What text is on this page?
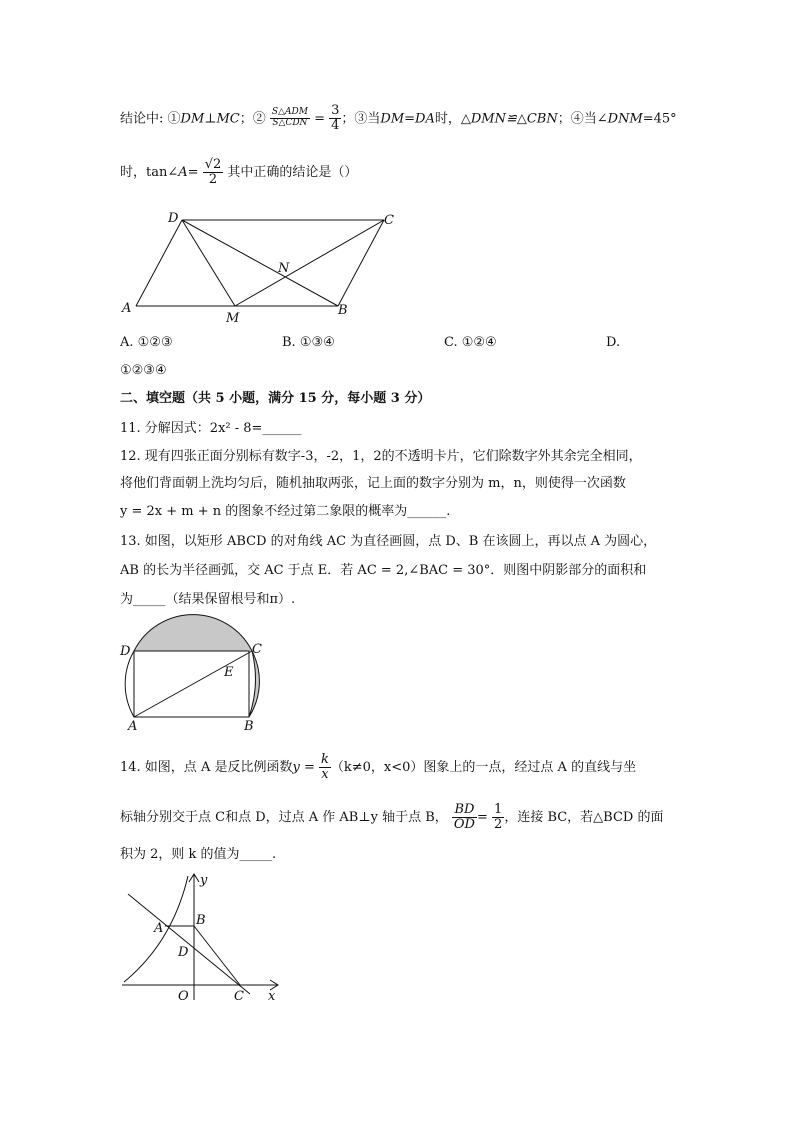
结论中: ①DM⊥MC；② $\frac{\text{S△ADM}}{\text{S△CDN}} = \frac{3}{4}$ ；③当DM=DA时，△DMN≌△CBN；④当∠DNM=45°
时，tan∠A= $\frac{√2}{2}$ 其中正确的结论是（）
D	C
N
A
M
B
A. ①②③	B. ①③④	C. ①②④	D.
①②③④
二、填空题（共 5 小题，满分 15 分，每小题 3 分）
11. 分解因式：2x² - 8=______
12. 现有四张正面分别标有数字-3，-2，1，2的不透明卡片，它们除数字外其余完全相同，
将他们背面朝上洗均匀后，随机抽取两张，记上面的数字分别为 m，n，则使得一次函数
y = 2x + m + n 的图象不经过第二象限的概率为______.
13. 如图，以矩形 ABCD 的对角线 AC 为直径画圆，点 D、B 在该圆上，再以点 A 为圆心，
AB 的长为半径画弧，交 AC 于点 E．若 AC = 2,∠BAC = 30°．则图中阴影部分的面积和
为_____（结果保留根号和π）.
D	C
E
A	B
14. 如图，点 A 是反比例函数$y = \frac{k}{x} (k\ne 0$，x<0）图象上的一点，经过点 A 的直线与坐
标轴分别交于点 C和点 D，过点 A 作 AB⊥y 轴于点 B， $\frac{BD}{OD} = \frac{1}{2}$ ，连接 BC，若△BCD 的面
积为 2，则 k 的值为_____.
y
B
A
D
O	C x
